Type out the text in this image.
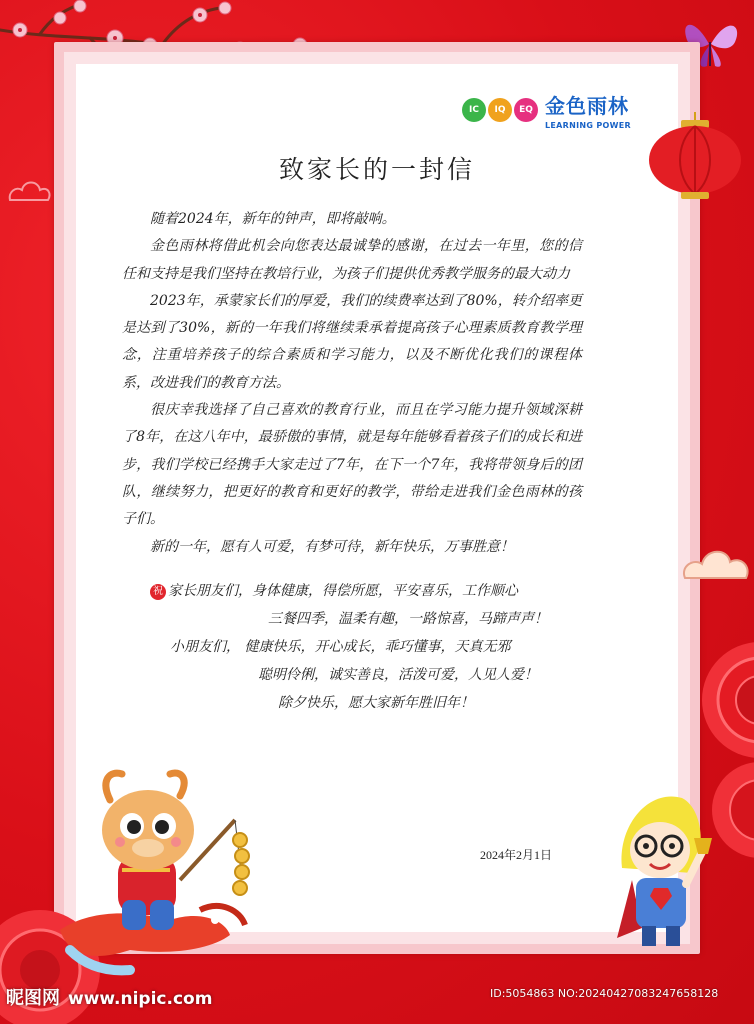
IC	IQ	EQ 金色雨林
LEARNING POWER
致家长的一封信

随着2024年，新年的钟声，即将敲响。

金色雨林将借此机会向您表达最诚挚的感谢，在过去一年里，您的信任和支持是我们坚持在教培行业，为孩子们提供优秀教学服务的最大动力

2023年，承蒙家长们的厚爱，我们的续费率达到了80%，转介绍率更是达到了30%，新的一年我们将继续秉承着提高孩子心理素质教育教学理念，注重培养孩子的综合素质和学习能力，以及不断优化我们的课程体系，改进我们的教育方法。

很庆幸我选择了自己喜欢的教育行业，而且在学习能力提升领域深耕了8年，在这八年中，最骄傲的事情，就是每年能够看着孩子们的成长和进步，我们学校已经携手大家走过了7年，在下一个7年，我将带领身后的团队，继续努力，把更好的教育和更好的教学，带给走进我们金色雨林的孩子们。

新的一年，愿有人可爱，有梦可待，新年快乐，万事胜意！

祝 家长朋友们，身体健康，得偿所愿，平安喜乐，工作顺心

三餐四季，温柔有趣，一路惊喜，马蹄声声！

小朋友们， 健康快乐，开心成长，乖巧懂事，天真无邪

聪明伶俐，诚实善良，活泼可爱，人见人爱！

除夕快乐，愿大家新年胜旧年！

2024年2月1日

昵图网 www.nipic.com	ID:5054863 NO:20240427083247658128
